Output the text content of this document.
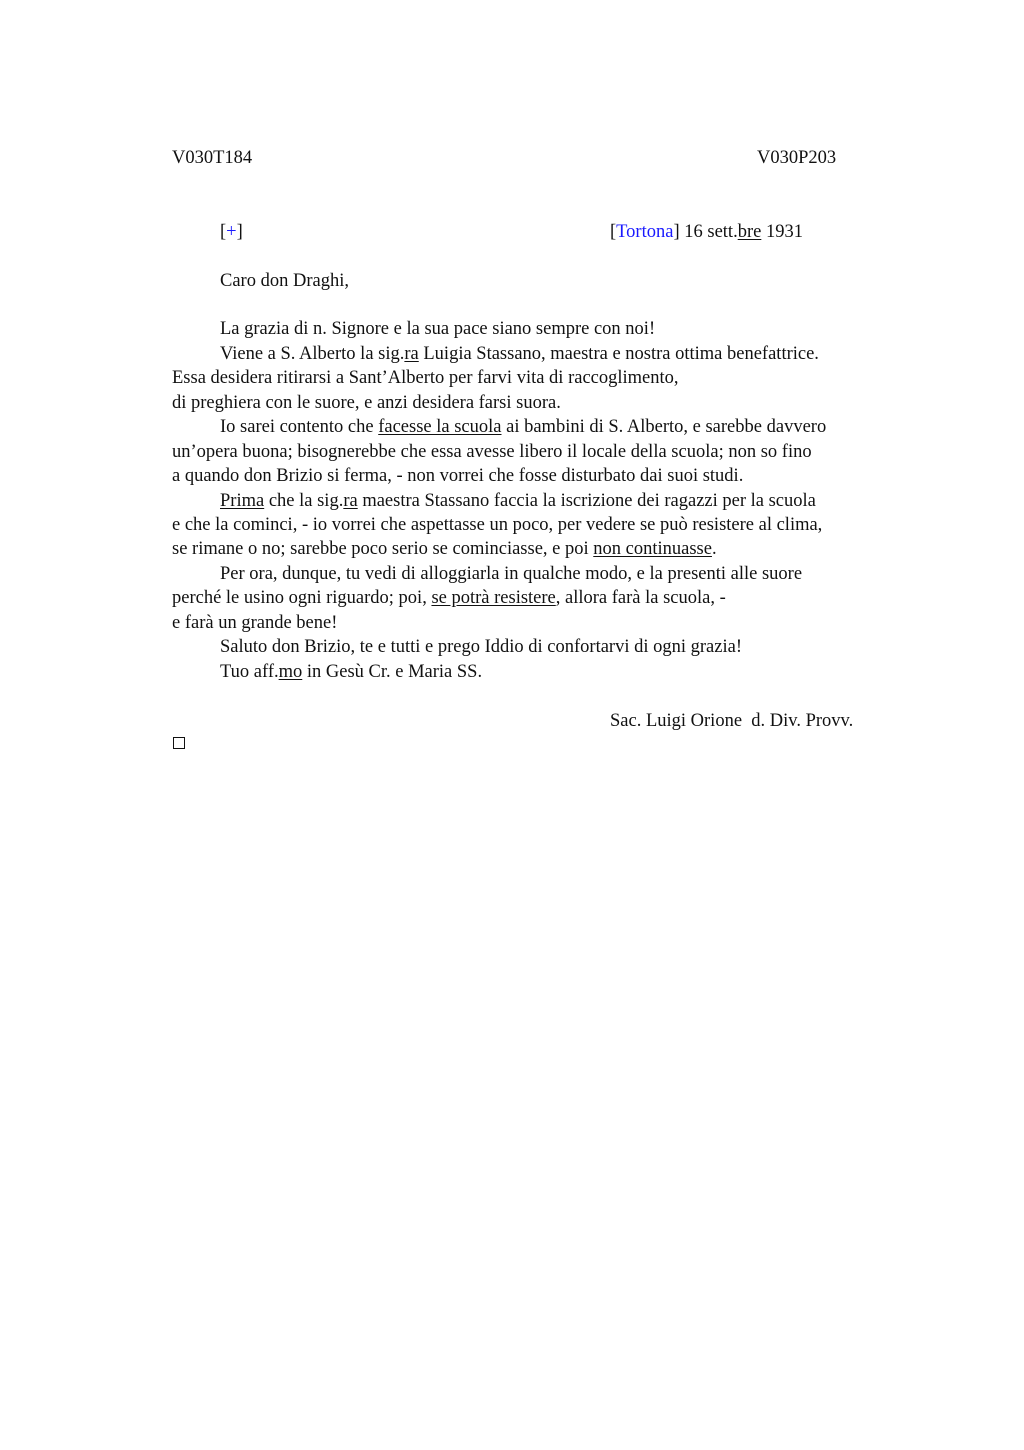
V030T184	V030P203
[+]	[Tortona] 16 sett.bre 1931
Caro don Draghi,
La grazia di n. Signore e la sua pace siano sempre con noi!
Viene a S. Alberto la sig.ra Luigia Stassano, maestra e nostra ottima benefattrice.
Essa desidera ritirarsi a Sant’Alberto per farvi vita di raccoglimento,
di preghiera con le suore, e anzi desidera farsi suora.
Io sarei contento che facesse la scuola ai bambini di S. Alberto, e sarebbe davvero
un’opera buona; bisognerebbe che essa avesse libero il locale della scuola; non so fino
a quando don Brizio si ferma, - non vorrei che fosse disturbato dai suoi studi.
Prima che la sig.ra maestra Stassano faccia la iscrizione dei ragazzi per la scuola
e che la cominci, - io vorrei che aspettasse un poco, per vedere se può resistere al clima,
se rimane o no; sarebbe poco serio se cominciasse, e poi non continuasse.
Per ora, dunque, tu vedi di alloggiarla in qualche modo, e la presenti alle suore
perché le usino ogni riguardo; poi, se potrà resistere, allora farà la scuola, -
e farà un grande bene!
Saluto don Brizio, te e tutti e prego Iddio di confortarvi di ogni grazia!
Tuo aff.mo in Gesù Cr. e Maria SS.
Sac. Luigi Orione  d. Div. Provv.
